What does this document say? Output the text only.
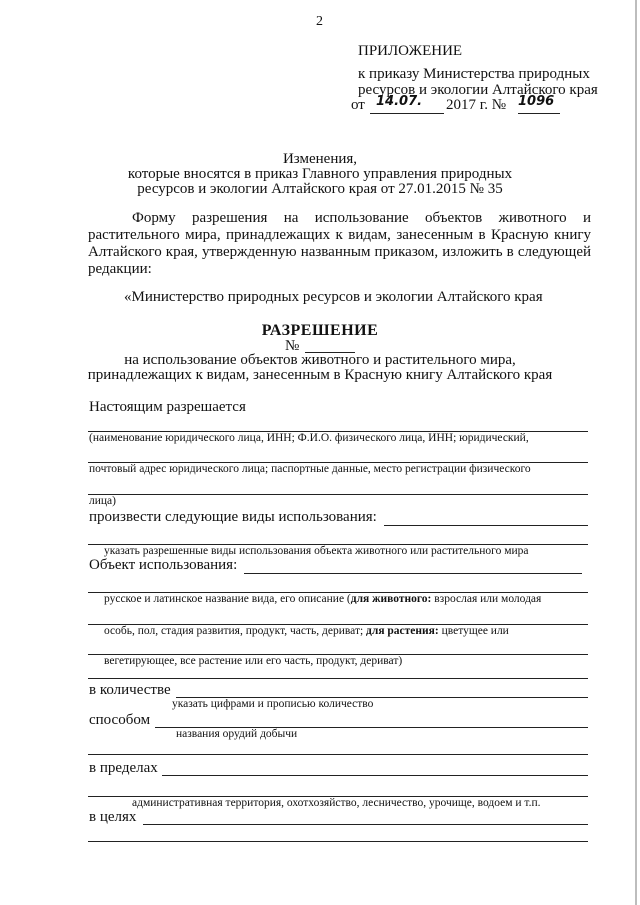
2
ПРИЛОЖЕНИЕ
к приказу Министерства природных
ресурсов и экологии Алтайского края
от 14.07. 2017 г. № 1096
Изменения,
которые вносятся в приказ Главного управления природных
ресурсов и экологии Алтайского края от 27.01.2015 № 35
Форму разрешения на использование объектов животного и растительного мира, принадлежащих к видам, занесенным в Красную книгу Алтайского края, утвержденную названным приказом, изложить в следующей редакции:
«Министерство природных ресурсов и экологии Алтайского края
РАЗРЕШЕНИЕ
№
на использование объектов животного и растительного мира,
принадлежащих к видам, занесенным в Красную книгу Алтайского края
Настоящим разрешается
(наименование юридического лица, ИНН; Ф.И.О. физического лица, ИНН; юридический,
почтовый адрес юридического лица; паспортные данные, место регистрации физического
лица)
произвести следующие виды использования:
указать разрешенные виды использования объекта животного или растительного мира
Объект использования:
русское и латинское название вида, его описание (для животного: взрослая или молодая
особь, пол, стадия развития, продукт, часть, дериват; для растения: цветущее или
вегетирующее, все растение или его часть, продукт, дериват)
в количестве
указать цифрами и прописью количество
способом
названия орудий добычи
в пределах
административная территория, охотхозяйство, лесничество, урочище, водоем и т.п.
в целях
